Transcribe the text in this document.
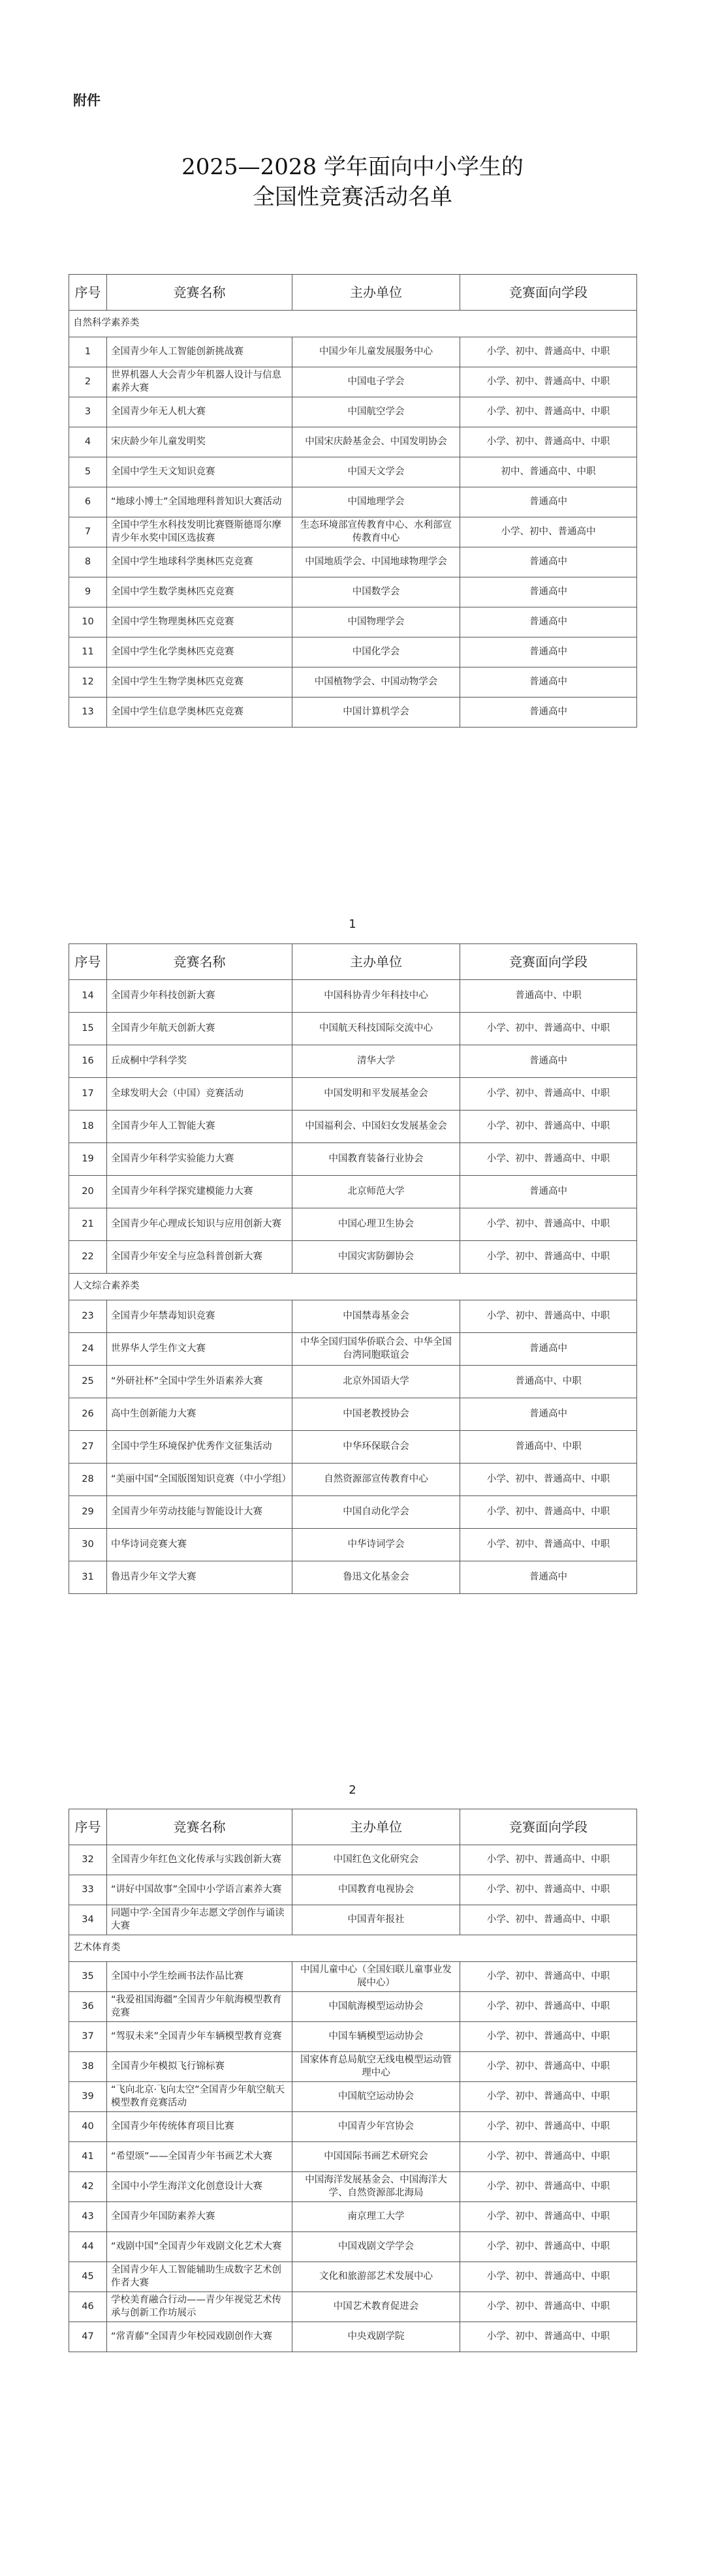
附件
2025—2028 学年面向中小学生的
全国性竞赛活动名单
序号	竞赛名称	主办单位	竞赛面向学段
自然科学素养类			
1	全国青少年人工智能创新挑战赛	中国少年儿童发展服务中心	小学、初中、普通高中、中职
2	世界机器人大会青少年机器人设计与信息素养大赛	中国电子学会	小学、初中、普通高中、中职
3	全国青少年无人机大赛	中国航空学会	小学、初中、普通高中、中职
4	宋庆龄少年儿童发明奖	中国宋庆龄基金会、中国发明协会	小学、初中、普通高中、中职
5	全国中学生天文知识竞赛	中国天文学会	初中、普通高中、中职
6	“地球小博士”全国地理科普知识大赛活动	中国地理学会	普通高中
7	全国中学生水科技发明比赛暨斯德哥尔摩青少年水奖中国区选拔赛	生态环境部宣传教育中心、水利部宣传教育中心	小学、初中、普通高中
8	全国中学生地球科学奥林匹克竞赛	中国地质学会、中国地球物理学会	普通高中
9	全国中学生数学奥林匹克竞赛	中国数学会	普通高中
10	全国中学生物理奥林匹克竞赛	中国物理学会	普通高中
11	全国中学生化学奥林匹克竞赛	中国化学会	普通高中
12	全国中学生生物学奥林匹克竞赛	中国植物学会、中国动物学会	普通高中
13	全国中学生信息学奥林匹克竞赛	中国计算机学会	普通高中
1
序号	竞赛名称	主办单位	竞赛面向学段
14	全国青少年科技创新大赛	中国科协青少年科技中心	普通高中、中职
15	全国青少年航天创新大赛	中国航天科技国际交流中心	小学、初中、普通高中、中职
16	丘成桐中学科学奖	清华大学	普通高中
17	全球发明大会（中国）竞赛活动	中国发明和平发展基金会	小学、初中、普通高中、中职
18	全国青少年人工智能大赛	中国福利会、中国妇女发展基金会	小学、初中、普通高中、中职
19	全国青少年科学实验能力大赛	中国教育装备行业协会	小学、初中、普通高中、中职
20	全国青少年科学探究建模能力大赛	北京师范大学	普通高中
21	全国青少年心理成长知识与应用创新大赛	中国心理卫生协会	小学、初中、普通高中、中职
22	全国青少年安全与应急科普创新大赛	中国灾害防御协会	小学、初中、普通高中、中职
人文综合素养类			
23	全国青少年禁毒知识竞赛	中国禁毒基金会	小学、初中、普通高中、中职
24	世界华人学生作文大赛	中华全国归国华侨联合会、中华全国台湾同胞联谊会	普通高中
25	“外研社杯”全国中学生外语素养大赛	北京外国语大学	普通高中、中职
26	高中生创新能力大赛	中国老教授协会	普通高中
27	全国中学生环境保护优秀作文征集活动	中华环保联合会	普通高中、中职
28	“美丽中国”全国版图知识竞赛（中小学组）	自然资源部宣传教育中心	小学、初中、普通高中、中职
29	全国青少年劳动技能与智能设计大赛	中国自动化学会	小学、初中、普通高中、中职
30	中华诗词竞赛大赛	中华诗词学会	小学、初中、普通高中、中职
31	鲁迅青少年文学大赛	鲁迅文化基金会	普通高中
2
序号	竞赛名称	主办单位	竞赛面向学段
32	全国青少年红色文化传承与实践创新大赛	中国红色文化研究会	小学、初中、普通高中、中职
33	“讲好中国故事”全国中小学语言素养大赛	中国教育电视协会	小学、初中、普通高中、中职
34	同题中学·全国青少年志愿文学创作与诵读大赛	中国青年报社	小学、初中、普通高中、中职
艺术体育类			
35	全国中小学生绘画书法作品比赛	中国儿童中心（全国妇联儿童事业发展中心）	小学、初中、普通高中、中职
36	“我爱祖国海疆”全国青少年航海模型教育竞赛	中国航海模型运动协会	小学、初中、普通高中、中职
37	“驾驭未来”全国青少年车辆模型教育竞赛	中国车辆模型运动协会	小学、初中、普通高中、中职
38	全国青少年模拟飞行锦标赛	国家体育总局航空无线电模型运动管理中心	小学、初中、普通高中、中职
39	“飞向北京·飞向太空”全国青少年航空航天模型教育竞赛活动	中国航空运动协会	小学、初中、普通高中、中职
40	全国青少年传统体育项目比赛	中国青少年宫协会	小学、初中、普通高中、中职
41	“希望颂”——全国青少年书画艺术大赛	中国国际书画艺术研究会	小学、初中、普通高中、中职
42	全国中小学生海洋文化创意设计大赛	中国海洋发展基金会、中国海洋大学、自然资源部北海局	小学、初中、普通高中、中职
43	全国青少年国防素养大赛	南京理工大学	小学、初中、普通高中、中职
44	“戏剧中国”全国青少年戏剧文化艺术大赛	中国戏剧文学学会	小学、初中、普通高中、中职
45	全国青少年人工智能辅助生成数字艺术创作者大赛	文化和旅游部艺术发展中心	小学、初中、普通高中、中职
46	学校美育融合行动——青少年视觉艺术传承与创新工作坊展示	中国艺术教育促进会	小学、初中、普通高中、中职
47	“常青藤”全国青少年校园戏剧创作大赛	中央戏剧学院	小学、初中、普通高中、中职
